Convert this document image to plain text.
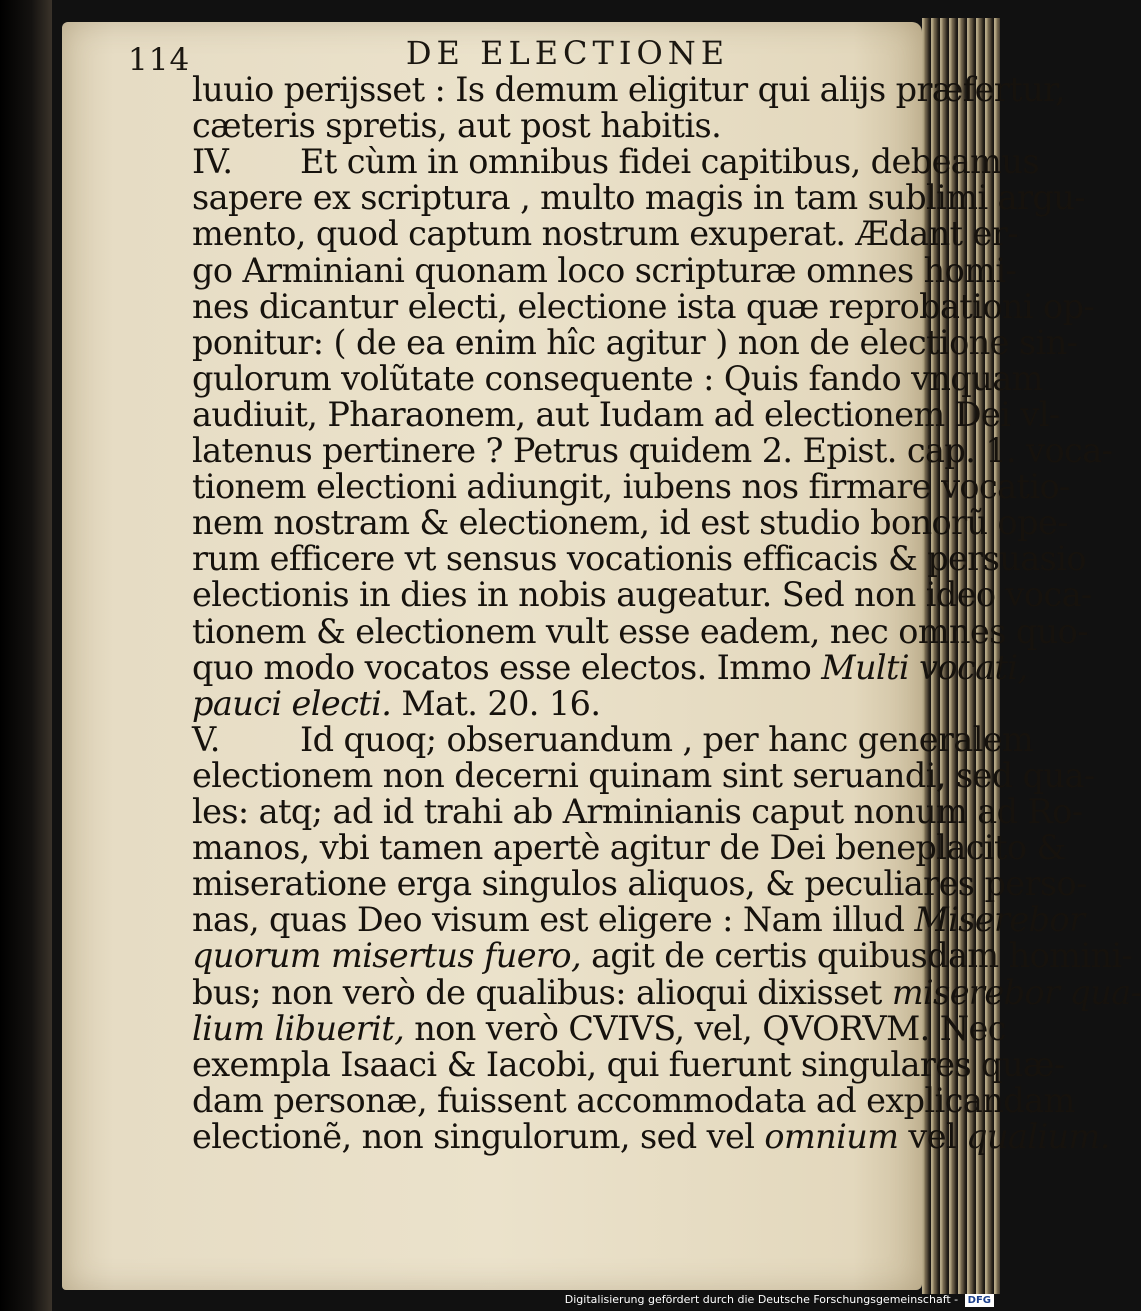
114	DE ELECTIONE
luuio perijsset : Is demum eligitur qui alijs præfertur,
cæteris spretis, aut post habitis.
IV. Et cùm in omnibus fidei capitibus, debeamus
sapere ex scriptura , multo magis in tam sublimi argu-
mento, quod captum nostrum exuperat. Ædant er-
go Arminiani quonam loco scripturæ omnes homi-
nes dicantur electi, electione ista quæ reprobationi op-
ponitur: ( de ea enim hîc agitur ) non de electione sin-
gulorum volũtate consequente : Quis fando vnquam
audiuit, Pharaonem, aut Iudam ad electionem Dei vl-
latenus pertinere ? Petrus quidem 2. Epist. cap. 1. voca-
tionem electioni adiungit, iubens nos firmare vocatio-
nem nostram & electionem, id est studio bonorũ ope-
rum efficere vt sensus vocationis efficacis & persuasio
electionis in dies in nobis augeatur. Sed non ideo voca-
tionem & electionem vult esse eadem, nec omnes quo-
quo modo vocatos esse electos. Immo Multi vocati,
pauci electi. Mat. 20. 16.
V. Id quoq; obseruandum , per hanc generalem
electionem non decerni quinam sint seruandi, sed qua-
les: atq; ad id trahi ab Arminianis caput nonum ad Ro-
manos, vbi tamen apertè agitur de Dei beneplacito &
miseratione erga singulos aliquos, & peculiares perso-
nas, quas Deo visum est eligere : Nam illud Miserebor
quorum misertus fuero, agit de certis quibusdam homini-
bus; non verò de qualibus: alioqui dixisset miserebor qua-
lium libuerit, non verò CVIVS, vel, QVORVM. Nec
exempla Isaaci & Iacobi, qui fuerunt singulares quæ-
dam personæ, fuissent accommodata ad explicandam
electionẽ, non singulorum, sed vel omnium vel qualium.
Digitalisierung gefördert durch die Deutsche Forschungsgemeinschaft - DFG
